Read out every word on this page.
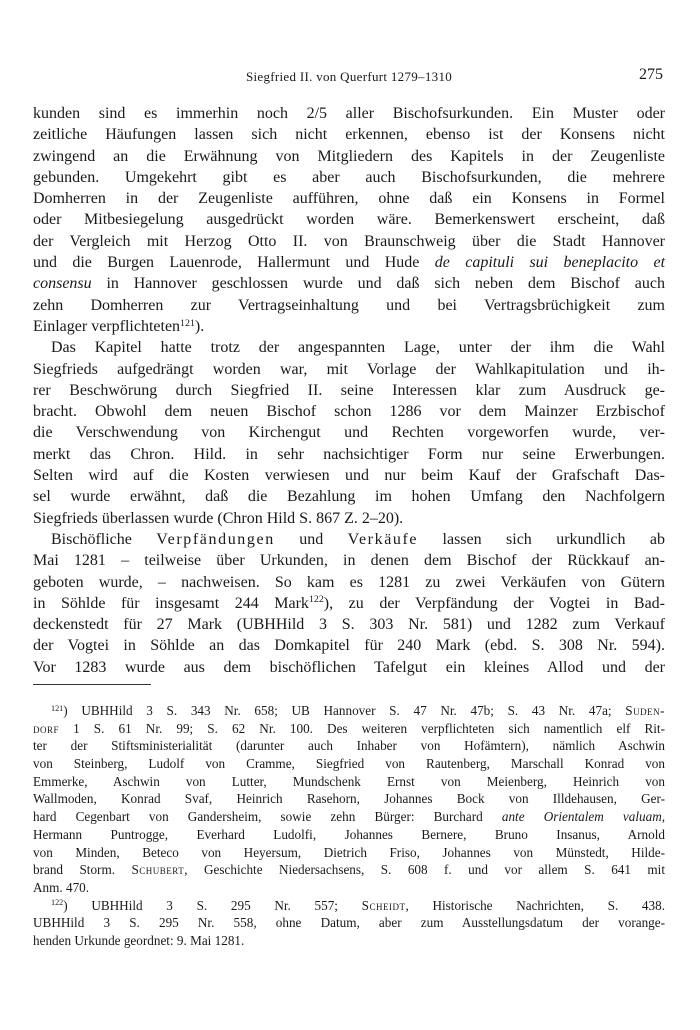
Siegfried II. von Querfurt 1279–1310	275
kunden sind es immerhin noch 2/5 aller Bischofsurkunden. Ein Muster oder
zeitliche Häufungen lassen sich nicht erkennen, ebenso ist der Konsens nicht
zwingend an die Erwähnung von Mitgliedern des Kapitels in der Zeugenliste
gebunden. Umgekehrt gibt es aber auch Bischofsurkunden, die mehrere
Domherren in der Zeugenliste aufführen, ohne daß ein Konsens in Formel
oder Mitbesiegelung ausgedrückt worden wäre. Bemerkenswert erscheint, daß
der Vergleich mit Herzog Otto II. von Braunschweig über die Stadt Hannover
und die Burgen Lauenrode, Hallermunt und Hude de capituli sui beneplacito et
consensu in Hannover geschlossen wurde und daß sich neben dem Bischof auch
zehn Domherren zur Vertragseinhaltung und bei Vertragsbrüchigkeit zum
Einlager verpflichteten$^{121}$).
Das Kapitel hatte trotz der angespannten Lage, unter der ihm die Wahl
Siegfrieds aufgedrängt worden war, mit Vorlage der Wahlkapitulation und ih-
rer Beschwörung durch Siegfried II. seine Interessen klar zum Ausdruck ge-
bracht. Obwohl dem neuen Bischof schon 1286 vor dem Mainzer Erzbischof
die Verschwendung von Kirchengut und Rechten vorgeworfen wurde, ver-
merkt das Chron. Hild. in sehr nachsichtiger Form nur seine Erwerbungen.
Selten wird auf die Kosten verwiesen und nur beim Kauf der Grafschaft Das-
sel wurde erwähnt, daß die Bezahlung im hohen Umfang den Nachfolgern
Siegfrieds überlassen wurde (Chron Hild S. 867 Z. 2–20).
Bischöfliche Verpfändungen und Verkäufe lassen sich urkundlich ab
Mai 1281 – teilweise über Urkunden, in denen dem Bischof der Rückkauf an-
geboten wurde, – nachweisen. So kam es 1281 zu zwei Verkäufen von Gütern
in Söhlde für insgesamt 244 Mark$^{122}$), zu der Verpfändung der Vogtei in Bad-
deckenstedt für 27 Mark (UBHHild 3 S. 303 Nr. 581) und 1282 zum Verkauf
der Vogtei in Söhlde an das Domkapitel für 240 Mark (ebd. S. 308 Nr. 594).
Vor 1283 wurde aus dem bischöflichen Tafelgut ein kleines Allod und der
$^{121}$) UBHHild 3 S. 343 Nr. 658; UB Hannover S. 47 Nr. 47b; S. 43 Nr. 47a; Suden-
dorf 1 S. 61 Nr. 99; S. 62 Nr. 100. Des weiteren verpflichteten sich namentlich elf Rit-
ter der Stiftsministerialität (darunter auch Inhaber von Hofämtern), nämlich Aschwin
von Steinberg, Ludolf von Cramme, Siegfried von Rautenberg, Marschall Konrad von
Emmerke, Aschwin von Lutter, Mundschenk Ernst von Meienberg, Heinrich von
Wallmoden, Konrad Svaf, Heinrich Rasehorn, Johannes Bock von Illdehausen, Ger-
hard Cegenbart von Gandersheim, sowie zehn Bürger: Burchard ante Orientalem valuam,
Hermann Puntrogge, Everhard Ludolfi, Johannes Bernere, Bruno Insanus, Arnold
von Minden, Beteco von Heyersum, Dietrich Friso, Johannes von Münstedt, Hilde-
brand Storm. Schubert, Geschichte Niedersachsens, S. 608 f. und vor allem S. 641 mit
Anm. 470.
$^{122}$) UBHHild 3 S. 295 Nr. 557; Scheidt, Historische Nachrichten, S. 438.
UBHHild 3 S. 295 Nr. 558, ohne Datum, aber zum Ausstellungsdatum der vorange-
henden Urkunde geordnet: 9. Mai 1281.
